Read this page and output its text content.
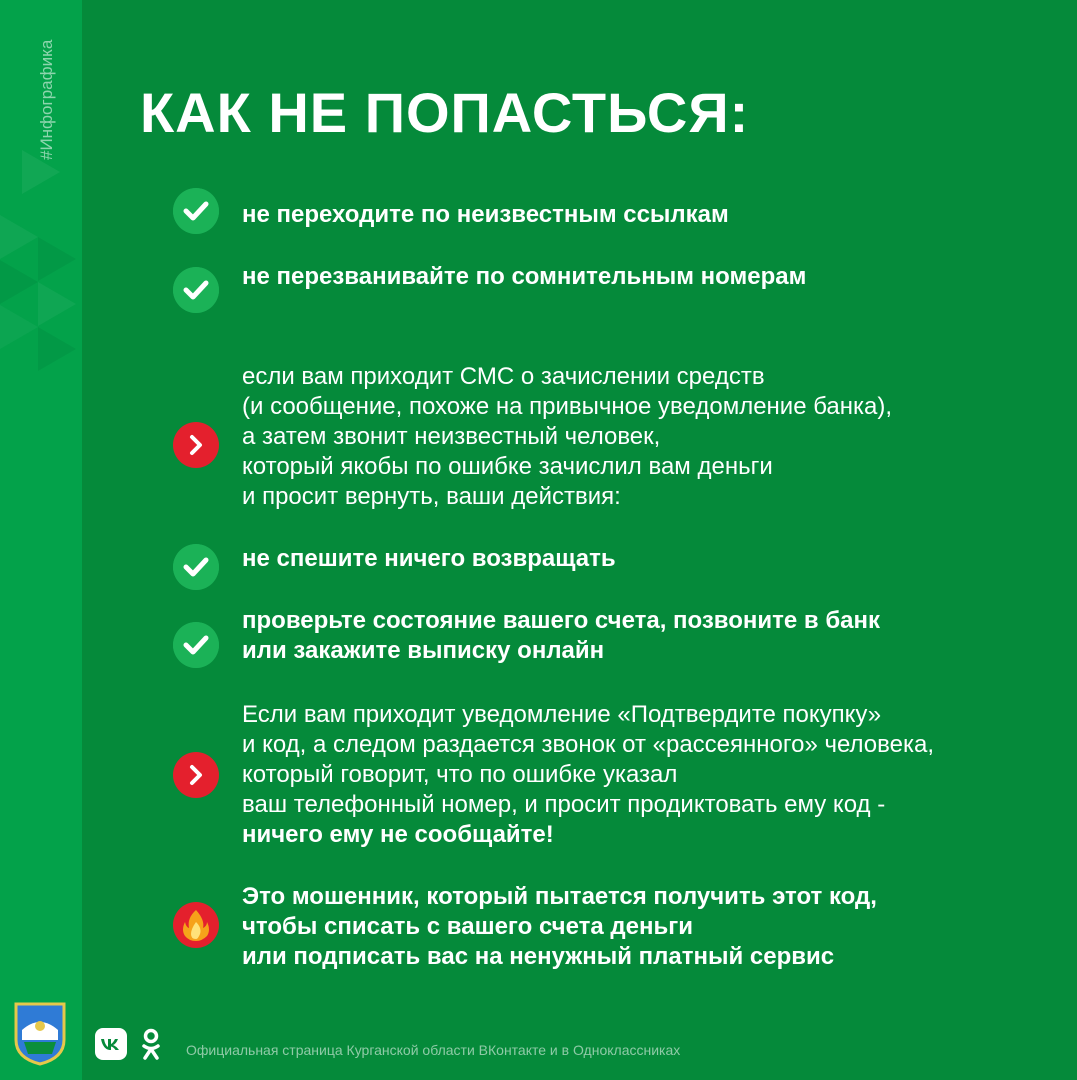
#Инфографика КАК НЕ ПОПАСТЬСЯ:
не переходите по неизвестным ссылкам
не перезванивайте по сомнительным номерам
если вам приходит СМС о зачислении средств
(и сообщение, похоже на привычное уведомление банка),
а затем звонит неизвестный человек,
который якобы по ошибке зачислил вам деньги
и просит вернуть, ваши действия:
не спешите ничего возвращать
проверьте состояние вашего счета, позвоните в банк
или закажите выписку онлайн
Если вам приходит уведомление «Подтвердите покупку»
и код, а следом раздается звонок от «рассеянного» человека,
который говорит, что по ошибке указал
ваш телефонный номер, и просит продиктовать ему код -
ничего ему не сообщайте!
Это мошенник, который пытается получить этот код,
чтобы списать с вашего счета деньги
или подписать вас на ненужный платный сервис
Официальная страница Курганской области ВКонтакте и в Одноклассниках
